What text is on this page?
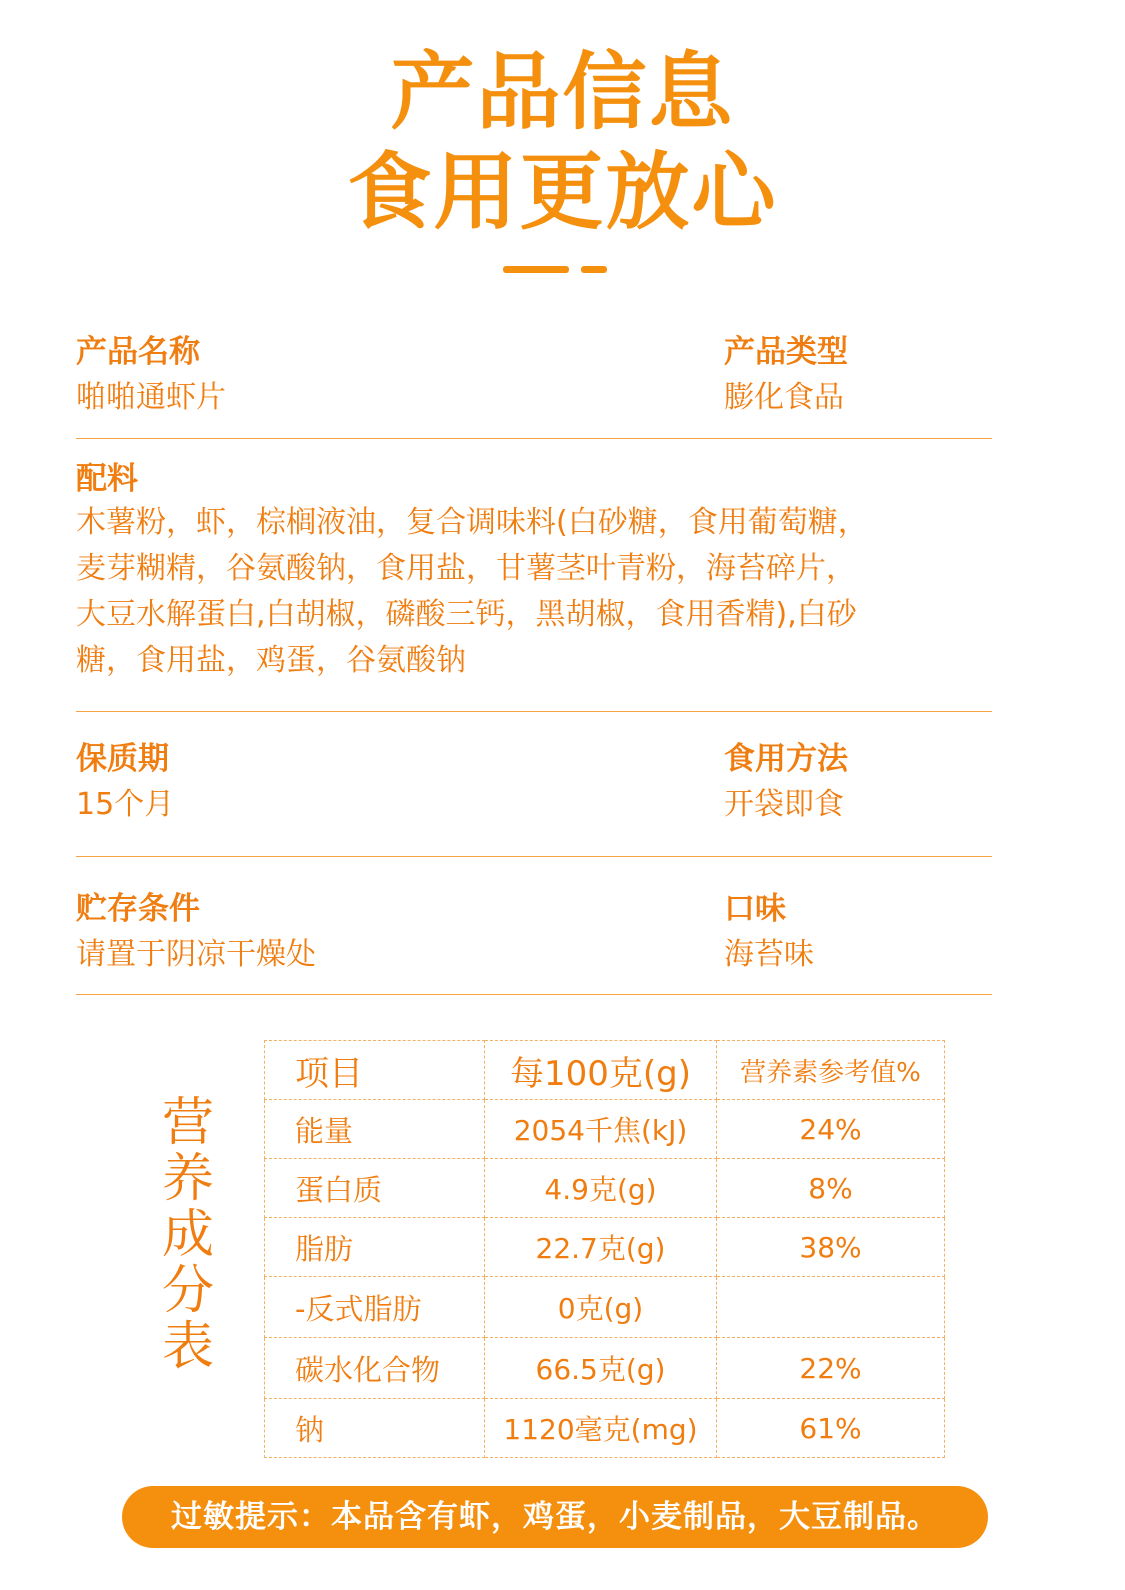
产品信息
食用更放心
产品名称
啪啪通虾片
产品类型
膨化食品
配料
木薯粉，虾，棕榈液油，复合调味料(白砂糖，食用葡萄糖，
麦芽糊精，谷氨酸钠，食用盐，甘薯茎叶青粉，海苔碎片，
大豆水解蛋白,白胡椒，磷酸三钙，黑胡椒，食用香精),白砂
糖，食用盐，鸡蛋，谷氨酸钠
保质期
15个月
食用方法
开袋即食
贮存条件
请置于阴凉干燥处
口味
海苔味
营
养
成
分
表
项目	每100克(g)	营养素参考值%
能量	2054千焦(kJ)	24%
蛋白质	4.9克(g)	8%
脂肪	22.7克(g)	38%
-反式脂肪	0克(g)	
碳水化合物	66.5克(g)	22%
钠	1120毫克(mg)	61%
过敏提示：本品含有虾，鸡蛋，小麦制品，大豆制品。
